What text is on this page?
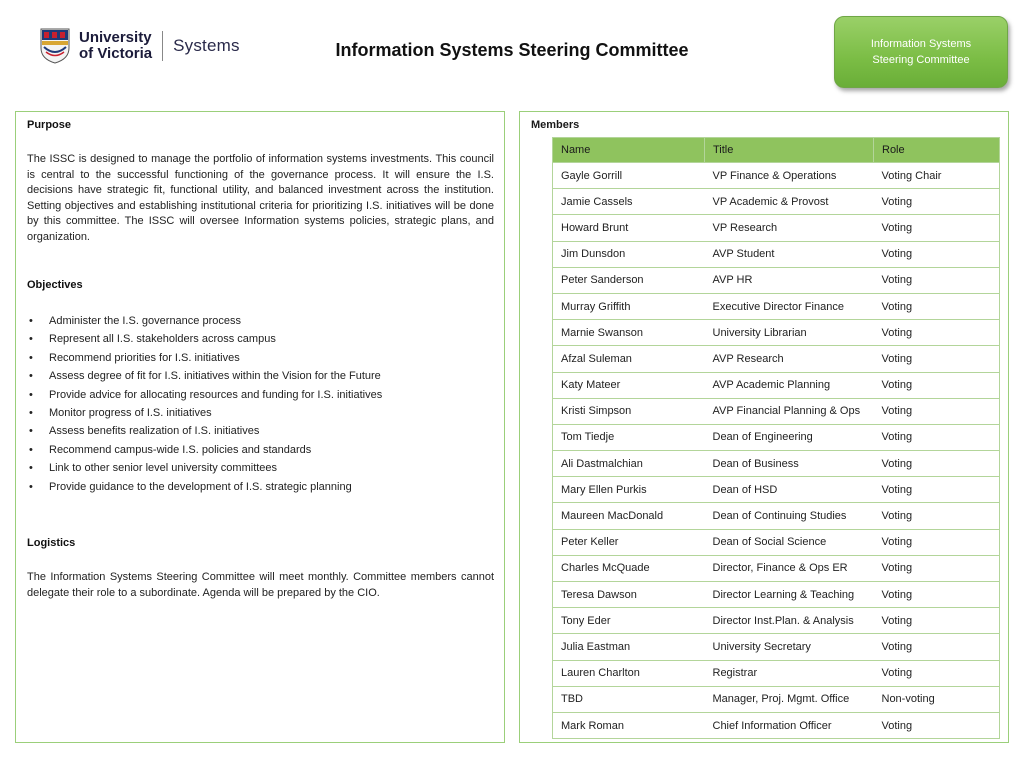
University
of Victoria Systems	Information Systems Steering Committee	Information Systems
Steering Committee
Purpose
The ISSC is designed to manage the portfolio of information systems investments. This council is central to the successful functioning of the governance process. It will ensure the I.S. decisions have strategic fit, functional utility, and balanced investment across the institution. Setting objectives and establishing institutional criteria for prioritizing I.S. initiatives will be done by this committee. The ISSC will oversee Information systems policies, strategic plans, and organization.
Objectives
•	Administer the I.S. governance process
•	Represent all I.S. stakeholders across campus
•	Recommend priorities for I.S. initiatives
•	Assess degree of fit for I.S. initiatives within the Vision for the Future
•	Provide advice for allocating resources and funding for I.S. initiatives
•	Monitor progress of I.S. initiatives
•	Assess benefits realization of I.S. initiatives
•	Recommend campus-wide I.S. policies and standards
•	Link to other senior level university committees
•	Provide guidance to the development of I.S. strategic planning
Logistics
The Information Systems Steering Committee will meet monthly. Committee members cannot delegate their role to a subordinate. Agenda will be prepared by the CIO.
Members
Name	Title	Role
Gayle Gorrill	VP Finance & Operations	Voting Chair
Jamie Cassels	VP Academic & Provost	Voting
Howard Brunt	VP Research	Voting
Jim Dunsdon	AVP Student	Voting
Peter Sanderson	AVP HR	Voting
Murray Griffith	Executive Director Finance	Voting
Marnie Swanson	University Librarian	Voting
Afzal Suleman	AVP Research	Voting
Katy Mateer	AVP Academic Planning	Voting
Kristi Simpson	AVP Financial Planning & Ops	Voting
Tom Tiedje	Dean of Engineering	Voting
Ali Dastmalchian	Dean of Business	Voting
Mary Ellen Purkis	Dean of HSD	Voting
Maureen MacDonald	Dean of Continuing Studies	Voting
Peter Keller	Dean of Social Science	Voting
Charles McQuade	Director, Finance & Ops ER	Voting
Teresa Dawson	Director Learning & Teaching	Voting
Tony Eder	Director Inst.Plan. & Analysis	Voting
Julia Eastman	University Secretary	Voting
Lauren Charlton	Registrar	Voting
TBD	Manager, Proj. Mgmt. Office	Non-voting
Mark Roman	Chief Information Officer	Voting
